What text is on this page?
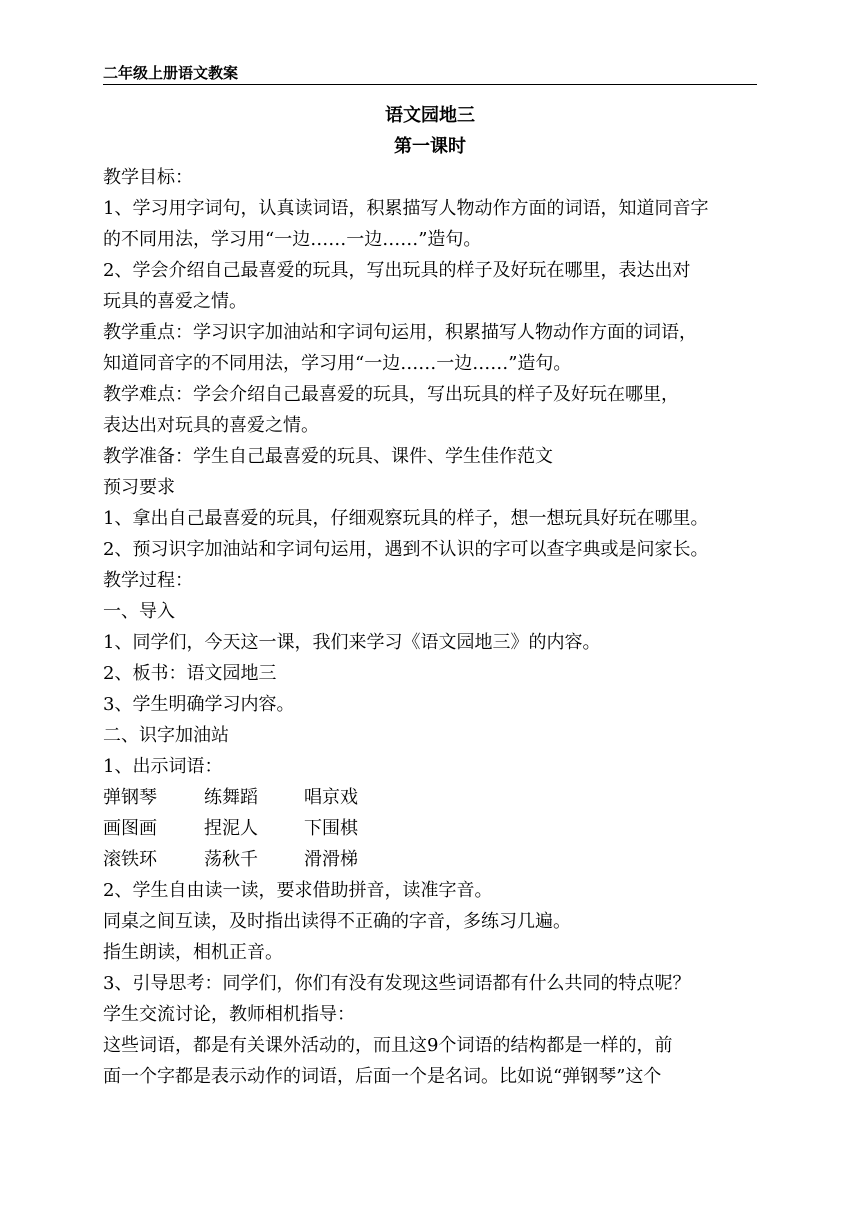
二年级上册语文教案
语文园地三
第一课时
教学目标：
1、学习用字词句，认真读词语，积累描写人物动作方面的词语，知道同音字
的不同用法，学习用“一边……一边……”造句。
2、学会介绍自己最喜爱的玩具，写出玩具的样子及好玩在哪里，表达出对
玩具的喜爱之情。
教学重点：学习识字加油站和字词句运用，积累描写人物动作方面的词语，
知道同音字的不同用法，学习用“一边……一边……”造句。
教学难点：学会介绍自己最喜爱的玩具，写出玩具的样子及好玩在哪里，
表达出对玩具的喜爱之情。
教学准备：学生自己最喜爱的玩具、课件、学生佳作范文
预习要求
1、拿出自己最喜爱的玩具，仔细观察玩具的样子，想一想玩具好玩在哪里。
2、预习识字加油站和字词句运用，遇到不认识的字可以查字典或是问家长。
教学过程：
一、导入
1、同学们，今天这一课，我们来学习《语文园地三》的内容。
2、板书：语文园地三
3、学生明确学习内容。
二、识字加油站
1、出示词语：
弹钢琴	练舞蹈	唱京戏
画图画	捏泥人	下围棋
滚铁环	荡秋千	滑滑梯
2、学生自由读一读，要求借助拼音，读准字音。
同桌之间互读，及时指出读得不正确的字音，多练习几遍。
指生朗读，相机正音。
3、引导思考：同学们，你们有没有发现这些词语都有什么共同的特点呢？
学生交流讨论，教师相机指导：
这些词语，都是有关课外活动的，而且这9个词语的结构都是一样的，前
面一个字都是表示动作的词语，后面一个是名词。比如说“弹钢琴”这个
